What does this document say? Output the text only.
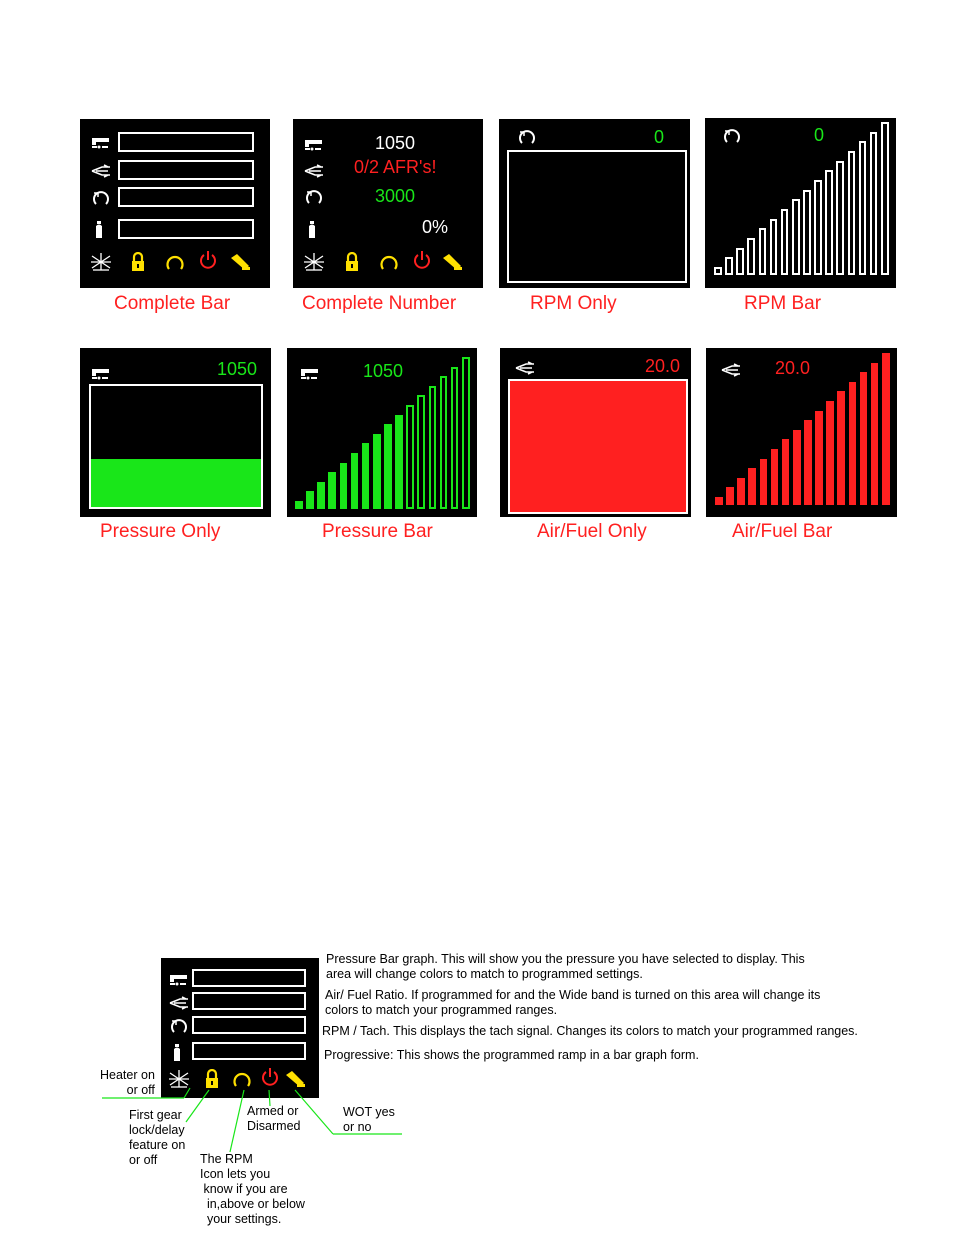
Complete Bar
1050
0/2 AFR's!
3000
0%
Complete Number
0
RPM Only
0
RPM Bar
1050
Pressure Only
1050
Pressure Bar
20.0
Air/Fuel Only
20.0
Air/Fuel Bar
Pressure Bar graph. This will show you the pressure you have selected to display. This area will change colors to match to programmed settings.
Air/ Fuel Ratio. If programmed for and the Wide band is turned on this area will change its colors to match your programmed ranges.
RPM / Tach. This displays the tach signal. Changes its colors to match your programmed ranges.
Progressive: This shows the programmed ramp in a bar graph form.
Heater on
or off
First gear
lock/delay
feature on
or off
Armed or
Disarmed
WOT yes
or no
The RPM
Icon lets you
know if you are
in,above or below
your settings.
